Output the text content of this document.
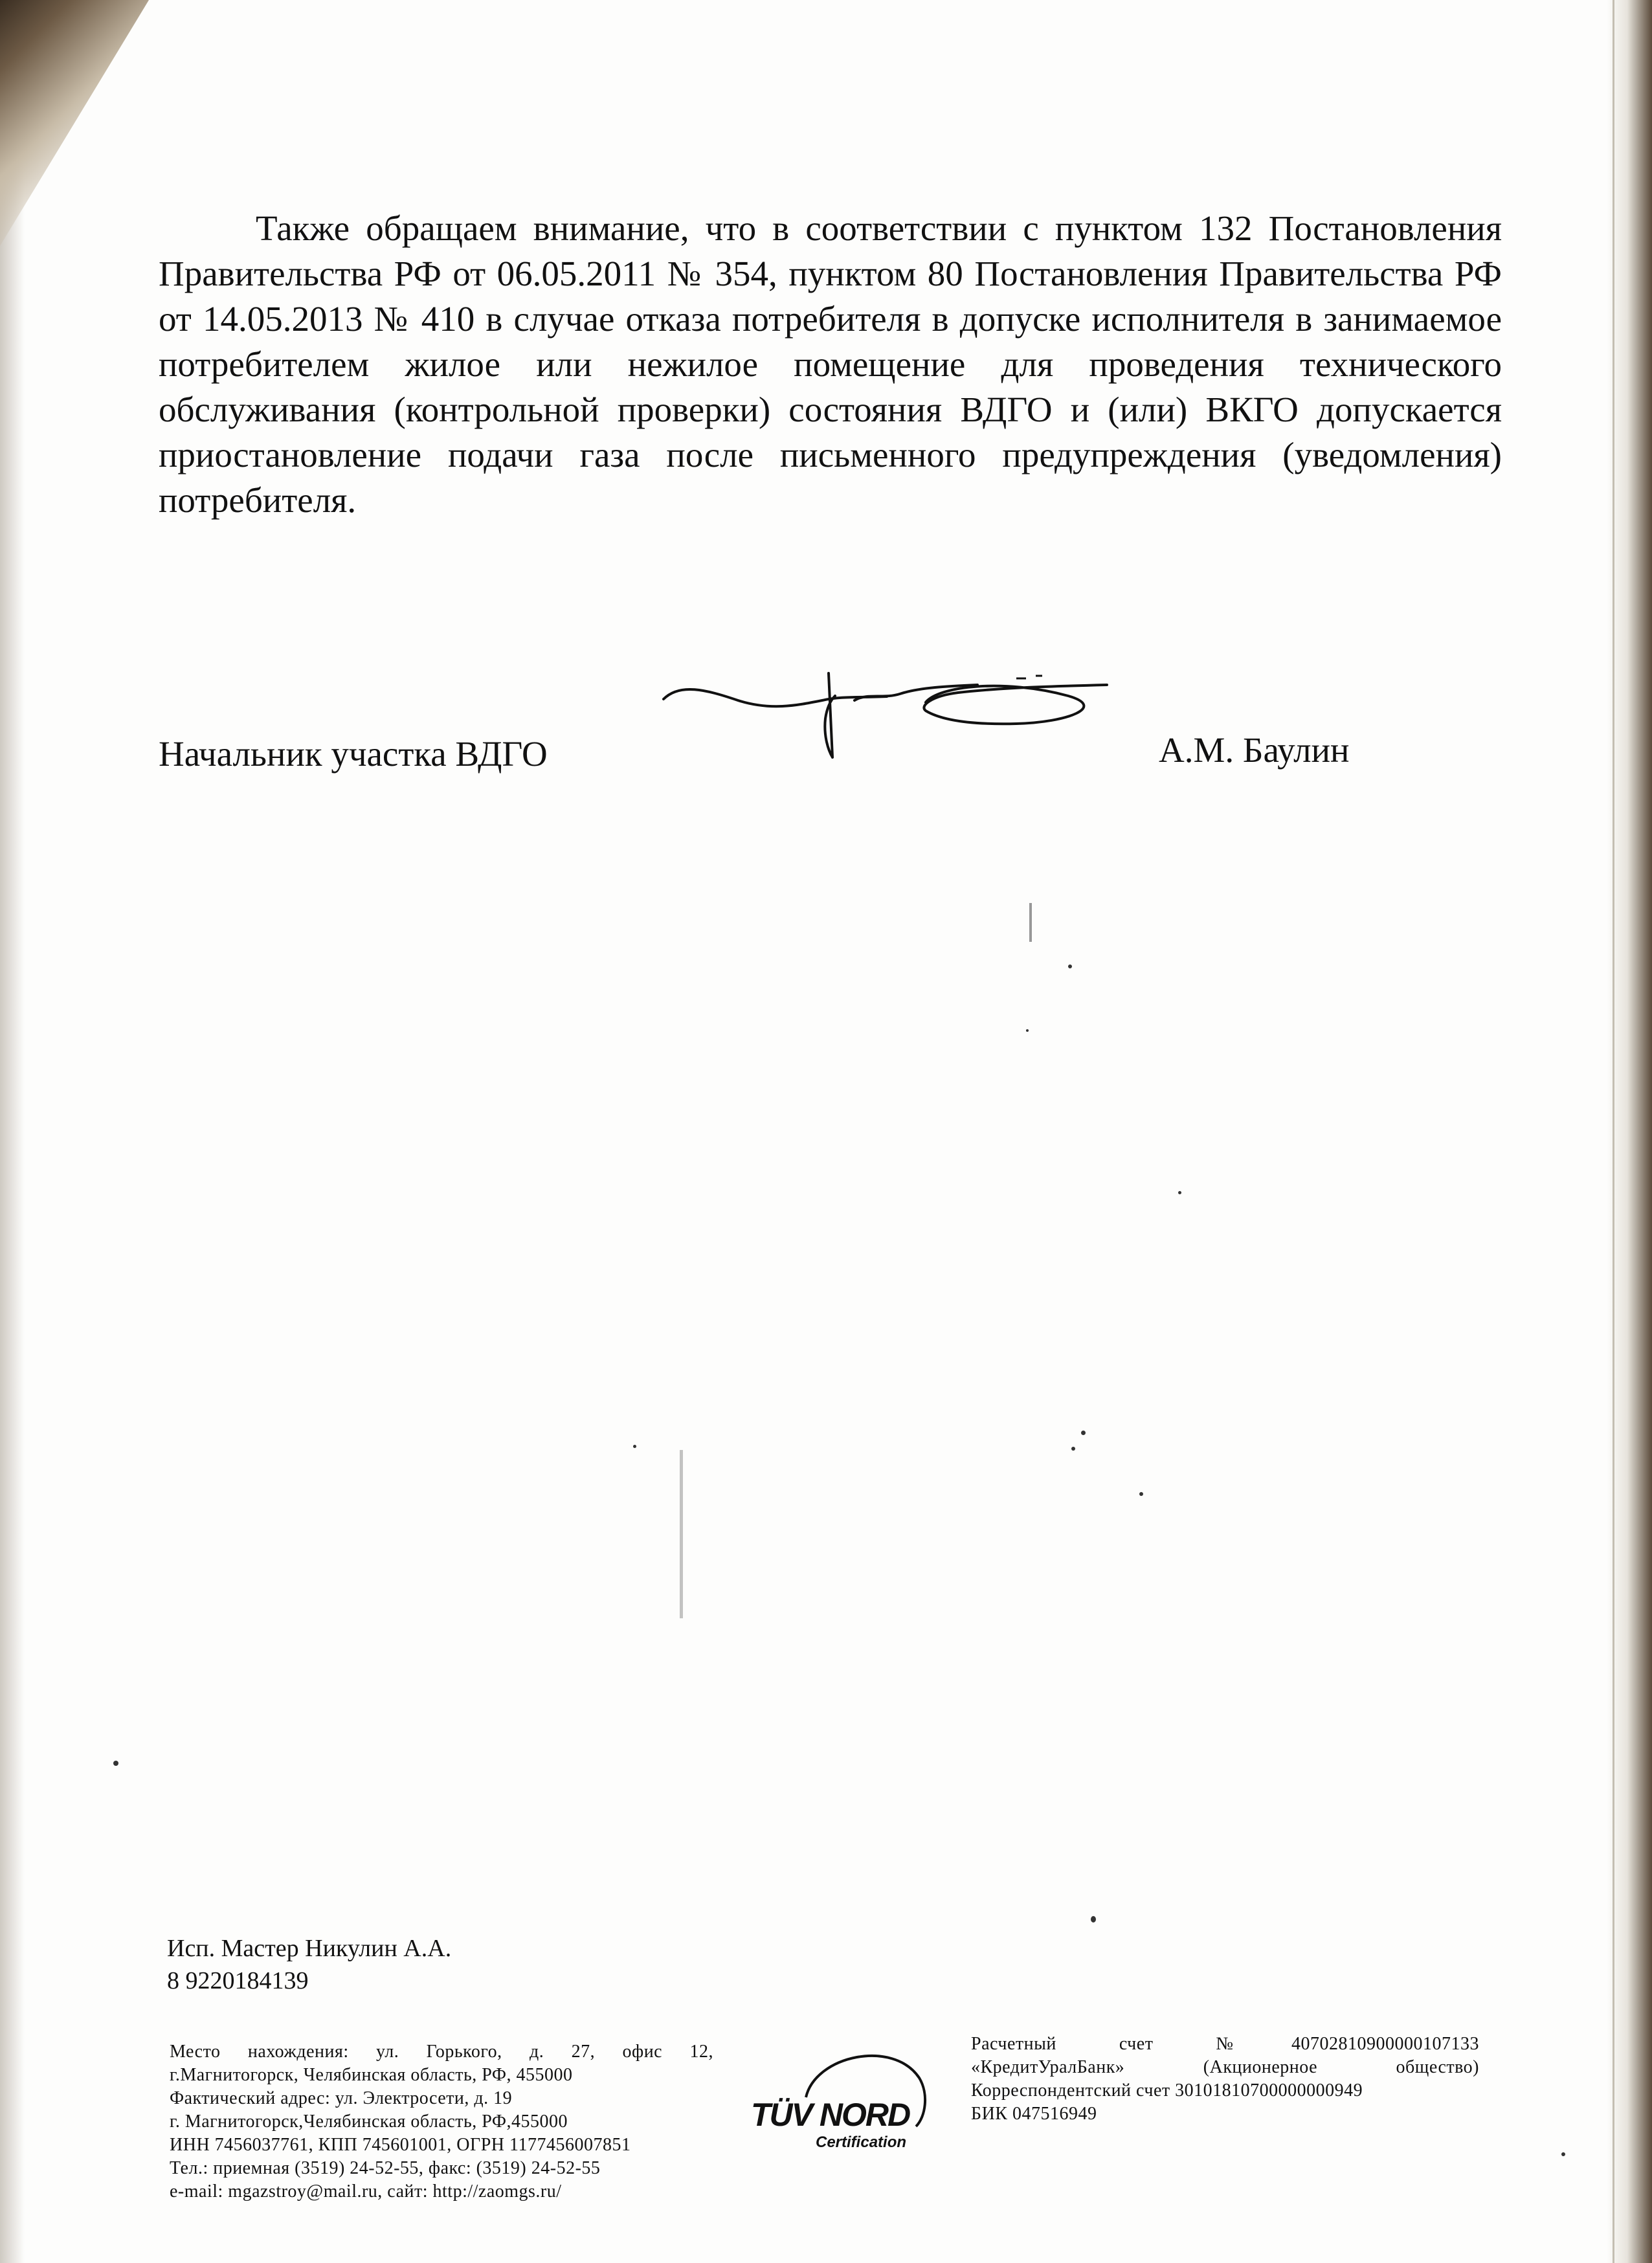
Также обращаем внимание, что в соответствии с пунктом 132 Постановления Правительства РФ от 06.05.2011 № 354, пунктом 80 Постановления Правительства РФ от 14.05.2013 № 410 в случае отказа потребителя в допуске исполнителя в занимаемое потребителем жилое или нежилое помещение для проведения технического обслуживания (контрольной проверки) состояния ВДГО и (или) ВКГО допускается приостановление подачи газа после письменного предупреждения (уведомления) потребителя.

Начальник участка ВДГО	А.М. Баулин

Исп. Мастер Никулин А.А.
8 9220184139
Место нахождения: ул. Горького, д. 27, офис 12,
г.Магнитогорск, Челябинская область, РФ, 455000
Фактический адрес: ул. Электросети, д. 19
г. Магнитогорск,Челябинская область, РФ,455000
ИНН 7456037761, КПП 745601001, ОГРН 1177456007851
Тел.: приемная (3519) 24-52-55, факс: (3519) 24-52-55
e-mail: mgazstroy@mail.ru, сайт: http://zaomgs.ru/
TÜV NORD
Certification
Расчетный счет №40702810900000107133
«КредитУралБанк» (Акционерное общество)
Корреспондентский счет 30101810700000000949
БИК 047516949
